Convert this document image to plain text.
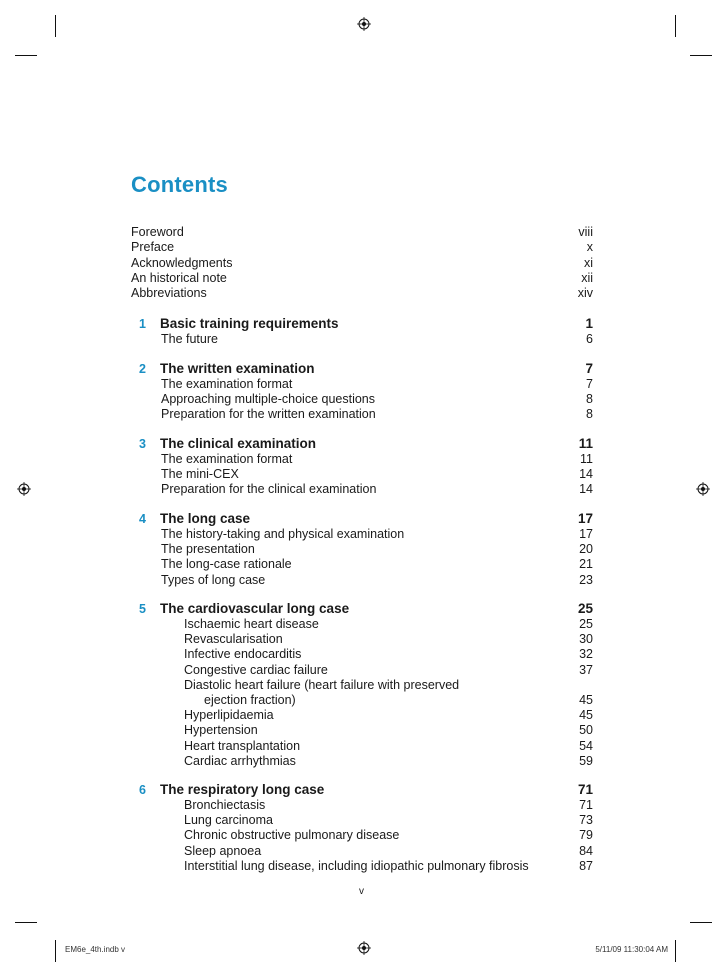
Contents
Foreword	viii
Preface	x
Acknowledgments	xi
An historical note	xii
Abbreviations	xiv
1 Basic training requirements	1
The future	6
2 The written examination	7
The examination format	7
Approaching multiple-choice questions	8
Preparation for the written examination	8
3 The clinical examination	11
The examination format	11
The mini-CEX	14
Preparation for the clinical examination	14
4 The long case	17
The history-taking and physical examination	17
The presentation	20
The long-case rationale	21
Types of long case	23
5 The cardiovascular long case	25
Ischaemic heart disease	25
Revascularisation	30
Infective endocarditis	32
Congestive cardiac failure	37
Diastolic heart failure (heart failure with preserved
ejection fraction)	45
Hyperlipidaemia	45
Hypertension	50
Heart transplantation	54
Cardiac arrhythmias	59
6 The respiratory long case	71
Bronchiectasis	71
Lung carcinoma	73
Chronic obstructive pulmonary disease	79
Sleep apnoea	84
Interstitial lung disease, including idiopathic pulmonary fibrosis	87
v
EM6e_4th.indb v	5/11/09 11:30:04 AM
